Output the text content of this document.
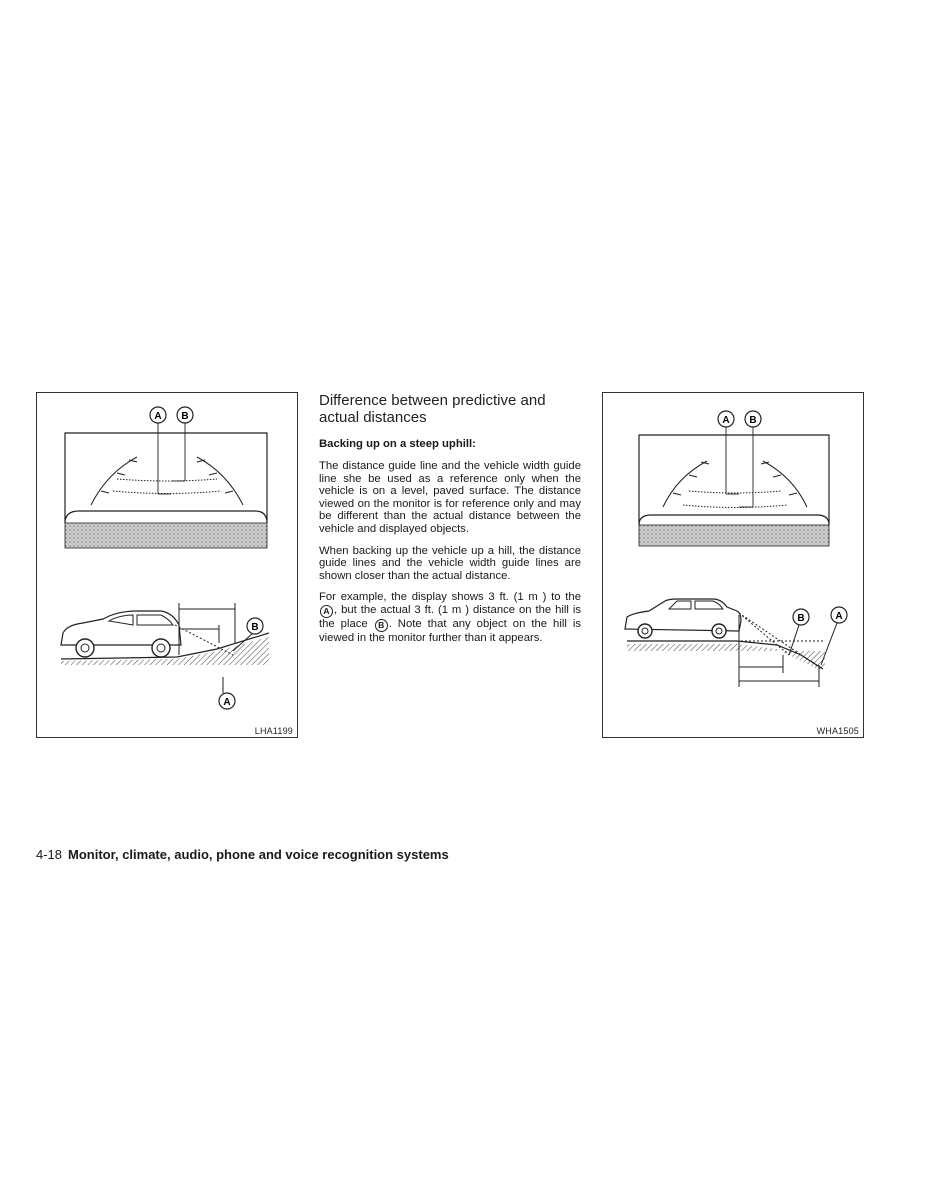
A B
B
A
LHA1199
Difference between predictive and
actual distances

Backing up on a steep uphill:

The distance guide line and the vehicle width guide line she be used as a reference only when the vehicle is on a level, paved surface. The distance viewed on the monitor is for reference only and may be different than the actual distance between the vehicle and displayed objects.

When backing up the vehicle up a hill, the distance guide lines and the vehicle width guide lines are shown closer than the actual distance.

For example, the display shows 3 ft. (1 m ) to the A , but the actual 3 ft. (1 m ) distance on the hill is the place B . Note that any object on the hill is viewed in the monitor further than it appears.

A B
B	A
WHA1505
4-18 Monitor, climate, audio, phone and voice recognition systems
